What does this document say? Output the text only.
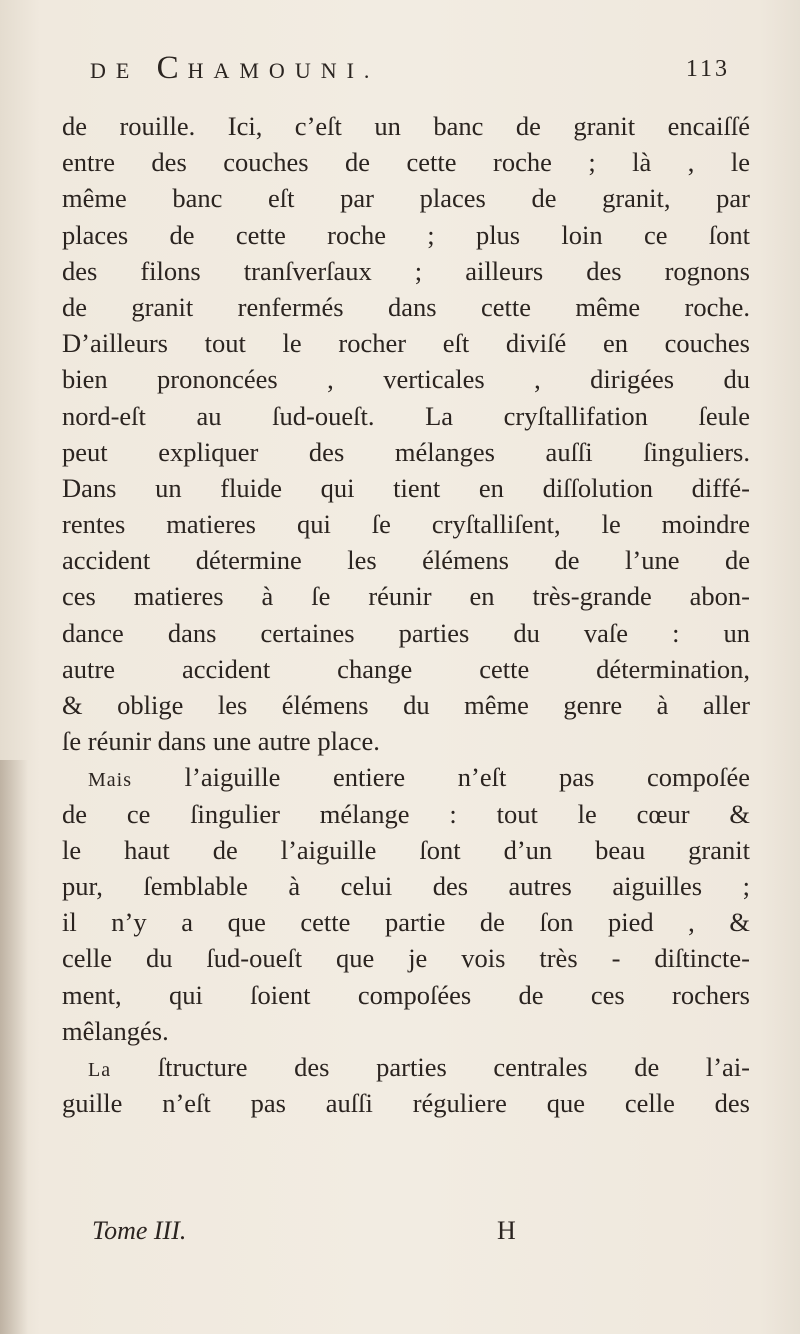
DE CHAMOUNI.	113
de rouille. Ici, c’eſt un banc de granit encaiſſé
entre des couches de cette roche ; là , le
même banc eſt par places de granit, par
places de cette roche ; plus loin ce ſont
des filons tranſverſaux ; ailleurs des rognons
de granit renfermés dans cette même roche.
D’ailleurs tout le rocher eſt diviſé en couches
bien prononcées , verticales , dirigées du
nord-eſt au ſud-oueſt. La cryſtallifation ſeule
peut expliquer des mélanges auſſi ſinguliers.
Dans un fluide qui tient en diſſolution diffé-
rentes matieres qui ſe cryſtalliſent, le moindre
accident détermine les élémens de l’une de
ces matieres à ſe réunir en très-grande abon-
dance dans certaines parties du vaſe : un
autre accident change cette détermination,
& oblige les élémens du même genre à aller
ſe réunir dans une autre place.
Mais l’aiguille entiere n’eſt pas compoſée
de ce ſingulier mélange : tout le cœur &
le haut de l’aiguille ſont d’un beau granit
pur, ſemblable à celui des autres aiguilles ;
il n’y a que cette partie de ſon pied , &
celle du ſud-oueſt que je vois très - diſtincte-
ment, qui ſoient compoſées de ces rochers
mêlangés.
La ſtructure des parties centrales de l’ai-
guille n’eſt pas auſſi réguliere que celle des
Tome III.	H
